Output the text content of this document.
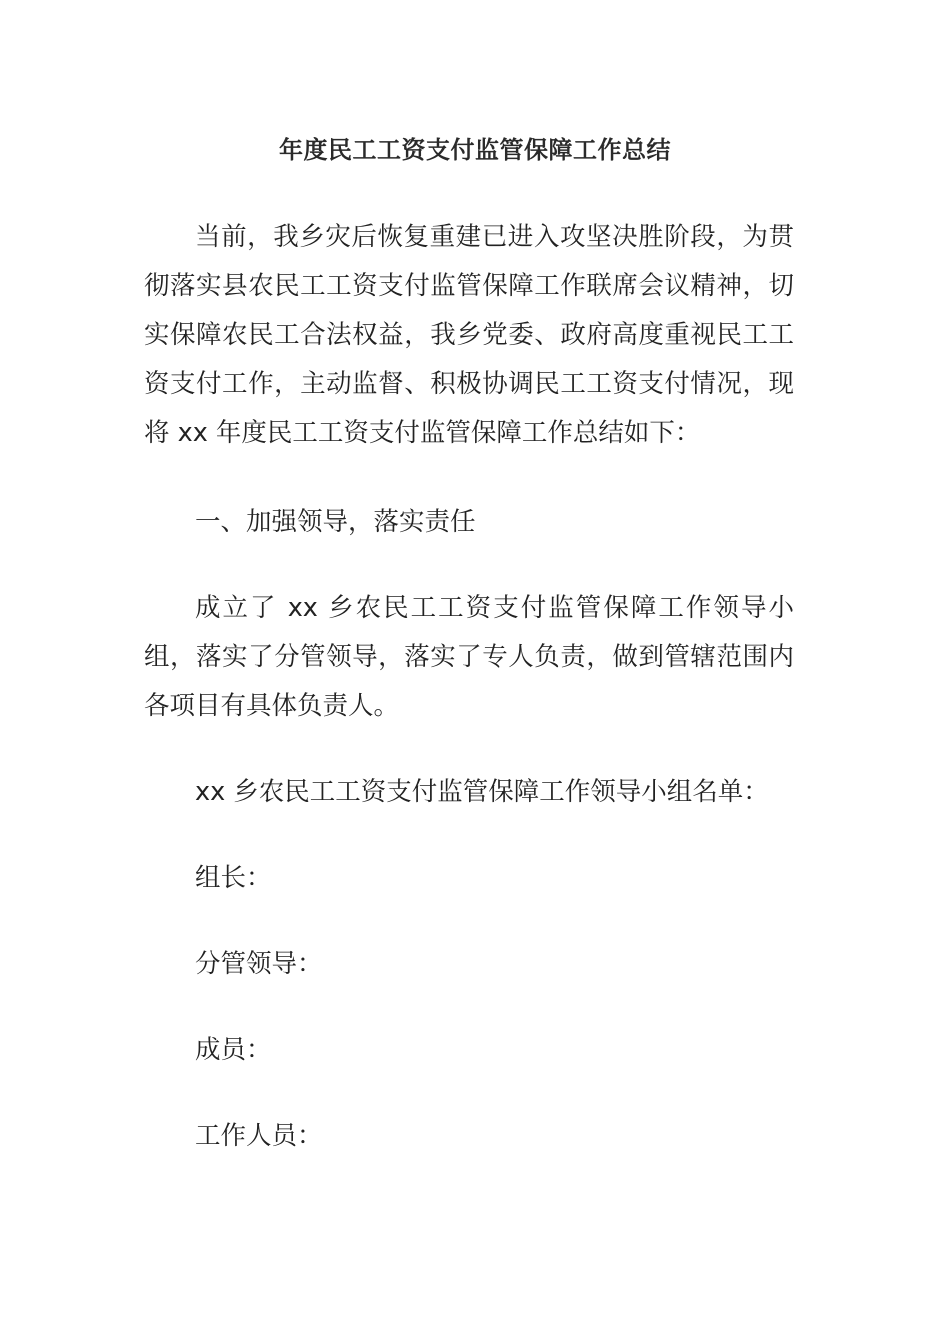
年度民工工资支付监管保障工作总结
当前，我乡灾后恢复重建已进入攻坚决胜阶段，为贯彻落实县农民工工资支付监管保障工作联席会议精神，切实保障农民工合法权益，我乡党委、政府高度重视民工工资支付工作，主动监督、积极协调民工工资支付情况，现将 xx 年度民工工资支付监管保障工作总结如下：
一、加强领导，落实责任
成立了 xx 乡农民工工资支付监管保障工作领导小组，落实了分管领导，落实了专人负责，做到管辖范围内各项目有具体负责人。
xx 乡农民工工资支付监管保障工作领导小组名单：
组长：
分管领导：
成员：
工作人员：
